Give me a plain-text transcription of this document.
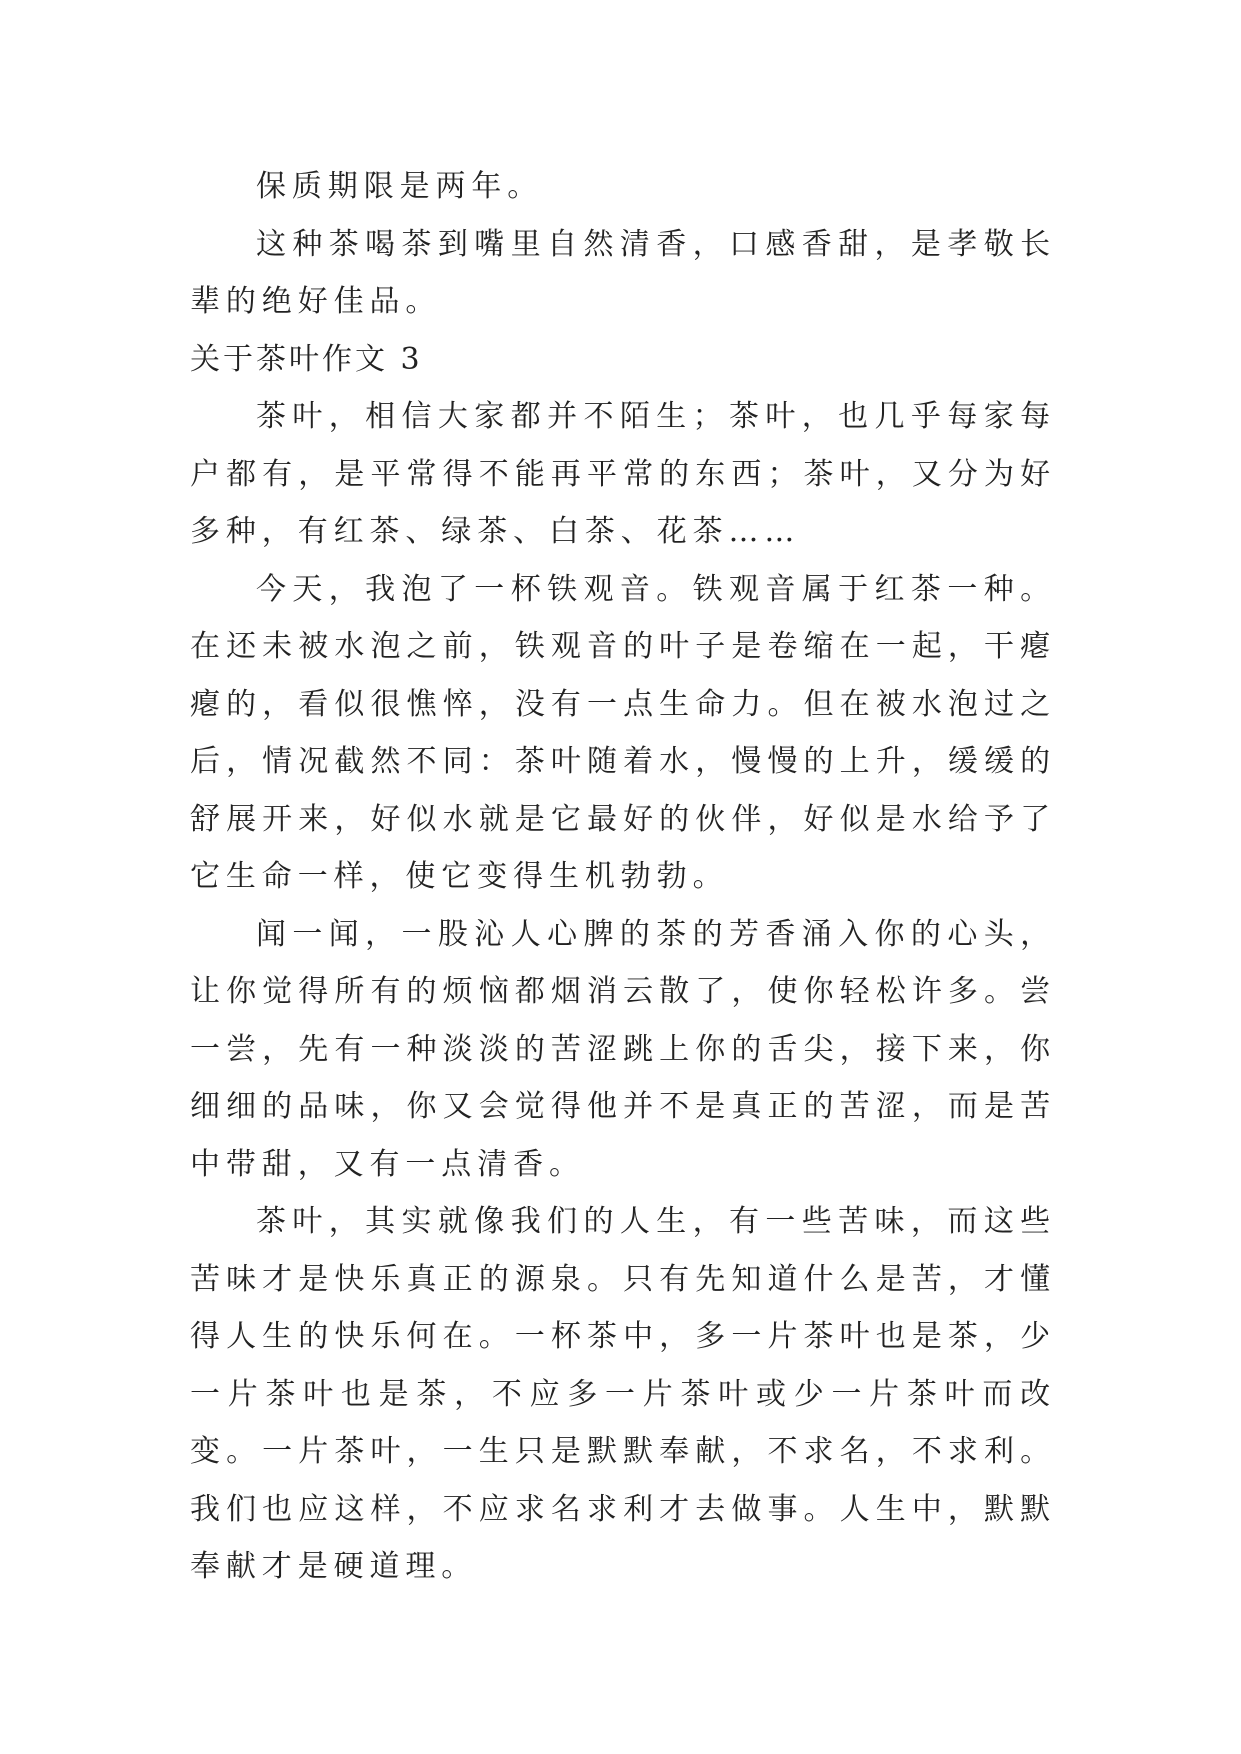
保质期限是两年。

这种茶喝茶到嘴里自然清香，口感香甜，是孝敬长辈的绝好佳品。

关于茶叶作文 3

茶叶，相信大家都并不陌生；茶叶，也几乎每家每户都有，是平常得不能再平常的东西；茶叶，又分为好多种，有红茶、绿茶、白茶、花茶……

今天，我泡了一杯铁观音。铁观音属于红茶一种。在还未被水泡之前，铁观音的叶子是卷缩在一起，干瘪瘪的，看似很憔悴，没有一点生命力。但在被水泡过之后，情况截然不同：茶叶随着水，慢慢的上升，缓缓的舒展开来，好似水就是它最好的伙伴，好似是水给予了它生命一样，使它变得生机勃勃。

闻一闻，一股沁人心脾的茶的芳香涌入你的心头，让你觉得所有的烦恼都烟消云散了，使你轻松许多。尝一尝，先有一种淡淡的苦涩跳上你的舌尖，接下来，你细细的品味，你又会觉得他并不是真正的苦涩，而是苦中带甜，又有一点清香。

茶叶，其实就像我们的人生，有一些苦味，而这些苦味才是快乐真正的源泉。只有先知道什么是苦，才懂得人生的快乐何在。一杯茶中，多一片茶叶也是茶，少一片茶叶也是茶，不应多一片茶叶或少一片茶叶而改变。一片茶叶，一生只是默默奉献，不求名，不求利。我们也应这样，不应求名求利才去做事。人生中，默默奉献才是硬道理。
